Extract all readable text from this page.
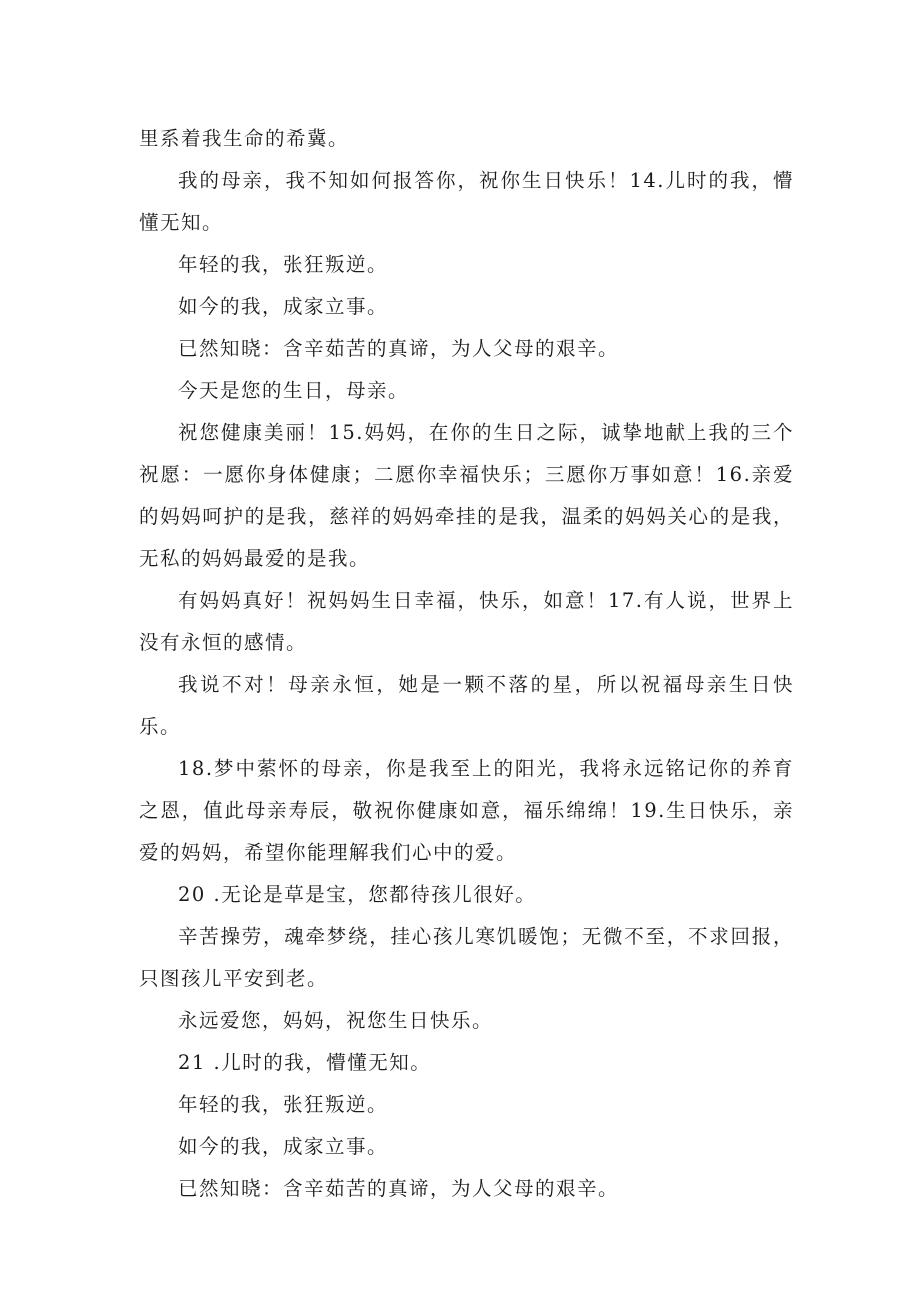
里系着我生命的希冀。

我的母亲，我不知如何报答你，祝你生日快乐！14.儿时的我，懵懂无知。

年轻的我，张狂叛逆。

如今的我，成家立事。

已然知晓：含辛茹苦的真谛，为人父母的艰辛。

今天是您的生日，母亲。

祝您健康美丽！15.妈妈，在你的生日之际，诚挚地献上我的三个祝愿：一愿你身体健康；二愿你幸福快乐；三愿你万事如意！16.亲爱的妈妈呵护的是我，慈祥的妈妈牵挂的是我，温柔的妈妈关心的是我，无私的妈妈最爱的是我。

有妈妈真好！祝妈妈生日幸福，快乐，如意！17.有人说，世界上没有永恒的感情。

我说不对！母亲永恒，她是一颗不落的星，所以祝福母亲生日快乐。

18.梦中萦怀的母亲，你是我至上的阳光，我将永远铭记你的养育之恩，值此母亲寿辰，敬祝你健康如意，福乐绵绵！19.生日快乐，亲爱的妈妈，希望你能理解我们心中的爱。

20 .无论是草是宝，您都待孩儿很好。

辛苦操劳，魂牵梦绕，挂心孩儿寒饥暖饱；无微不至，不求回报，只图孩儿平安到老。

永远爱您，妈妈，祝您生日快乐。

21 .儿时的我，懵懂无知。

年轻的我，张狂叛逆。

如今的我，成家立事。

已然知晓：含辛茹苦的真谛，为人父母的艰辛。
